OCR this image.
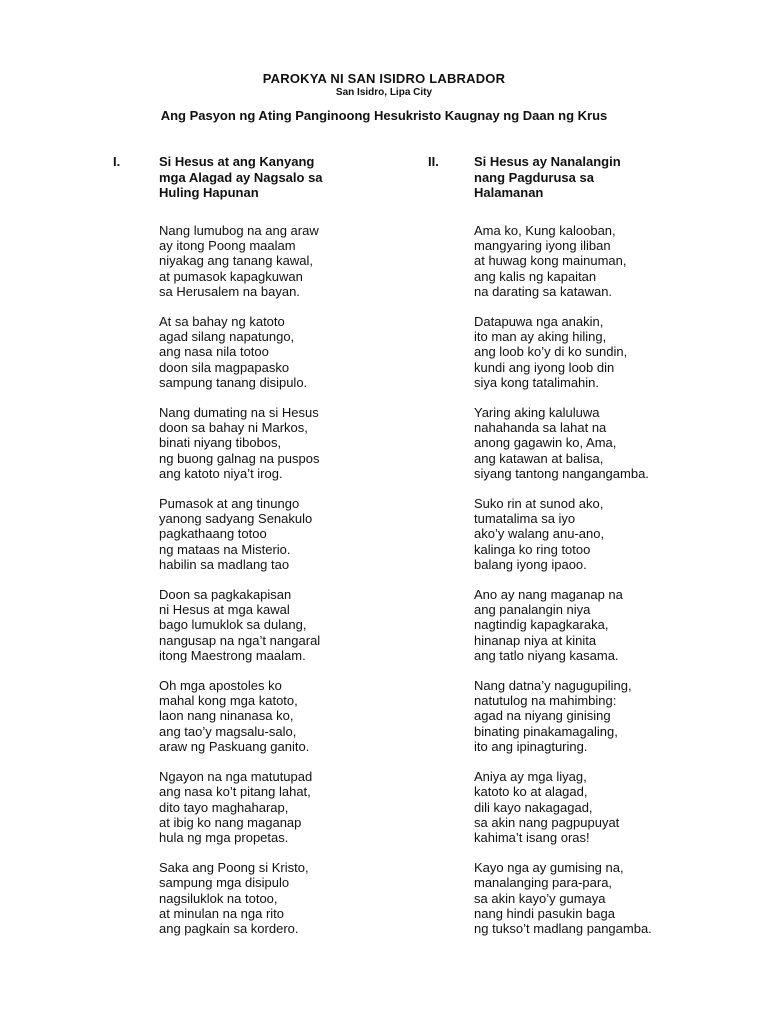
PAROKYA NI SAN ISIDRO LABRADOR
San Isidro, Lipa City
Ang Pasyon ng Ating Panginoong Hesukristo Kaugnay ng Daan ng Krus
I.	Si Hesus at ang Kanyang
mga Alagad ay Nagsalo sa
Huling Hapunan
Nang lumubog na ang araw
ay itong Poong maalam
niyakag ang tanang kawal,
at pumasok kapagkuwan
sa Herusalem na bayan.
At sa bahay ng katoto
agad silang napatungo,
ang nasa nila totoo
doon sila magpapasko
sampung tanang disipulo.
Nang dumating na si Hesus
doon sa bahay ni Markos,
binati niyang tibobos,
ng buong galnag na puspos
ang katoto niya’t irog.
Pumasok at ang tinungo
yanong sadyang Senakulo
pagkathaang totoo
ng mataas na Misterio.
habilin sa madlang tao
Doon sa pagkakapisan
ni Hesus at mga kawal
bago lumuklok sa dulang,
nangusap na nga’t nangaral
itong Maestrong maalam.
Oh mga apostoles ko
mahal kong mga katoto,
laon nang ninanasa ko,
ang tao’y magsalu-salo,
araw ng Paskuang ganito.
Ngayon na nga matutupad
ang nasa ko’t pitang lahat,
dito tayo maghaharap,
at ibig ko nang maganap
hula ng mga propetas.
Saka ang Poong si Kristo,
sampung mga disipulo
nagsiluklok na totoo,
at minulan na nga rito
ang pagkain sa kordero.
II.	Si Hesus ay Nanalangin
nang Pagdurusa sa
Halamanan
Ama ko, Kung kalooban,
mangyaring iyong iliban
at huwag kong mainuman,
ang kalis ng kapaitan
na darating sa katawan.
Datapuwa nga anakin,
ito man ay aking hiling,
ang loob ko’y di ko sundin,
kundi ang iyong loob din
siya kong tatalimahin.
Yaring aking kaluluwa
nahahanda sa lahat na
anong gagawin ko, Ama,
ang katawan at balisa,
siyang tantong nangangamba.
Suko rin at sunod ako,
tumatalima sa iyo
ako’y walang anu-ano,
kalinga ko ring totoo
balang iyong ipaoo.
Ano ay nang maganap na
ang panalangin niya
nagtindig kapagkaraka,
hinanap niya at kinita
ang tatlo niyang kasama.
Nang datna’y nagugupiling,
natutulog na mahimbing:
agad na niyang ginising
binating pinakamagaling,
ito ang ipinagturing.
Aniya ay mga liyag,
katoto ko at alagad,
dili kayo nakagagad,
sa akin nang pagpupuyat
kahima’t isang oras!
Kayo nga ay gumising na,
manalanging para-para,
sa akin kayo’y gumaya
nang hindi pasukin baga
ng tukso’t madlang pangamba.
